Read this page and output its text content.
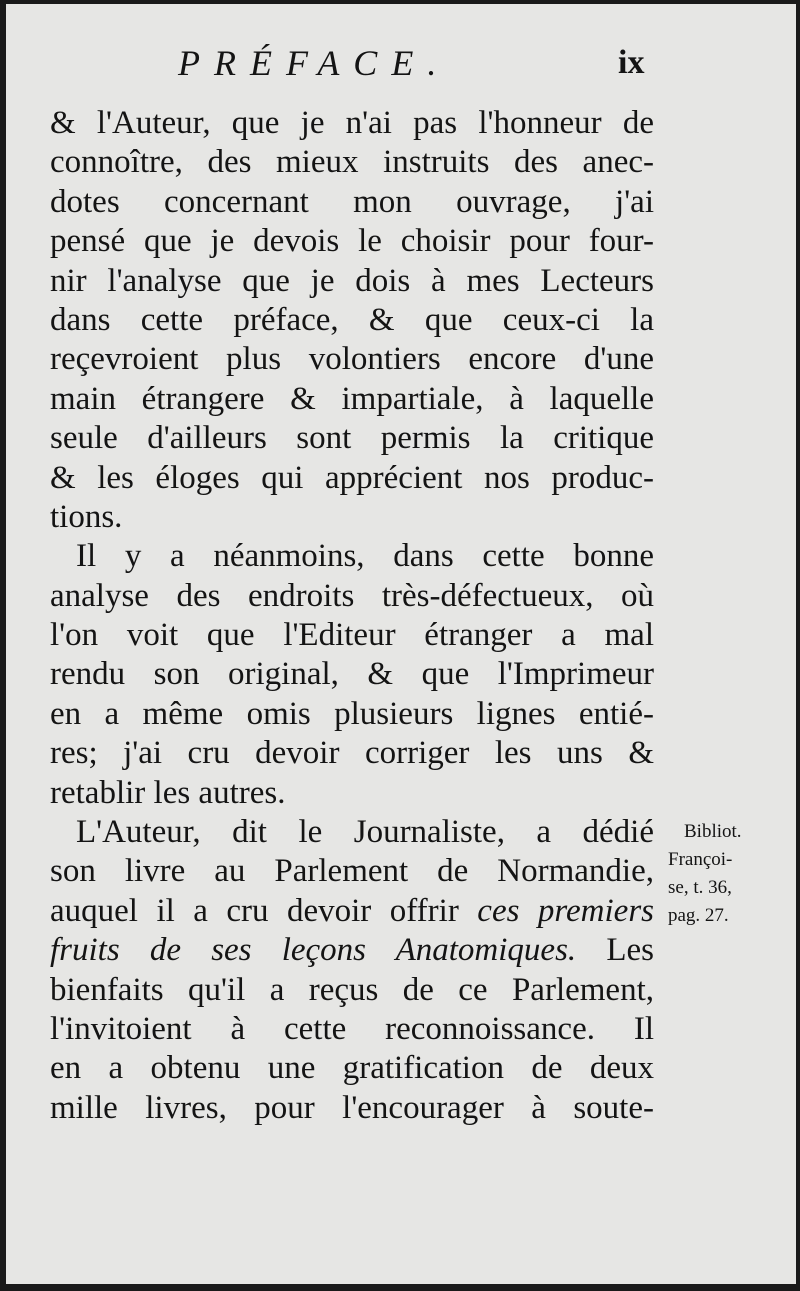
PRÉFACE.	ix
& l'Auteur, que je n'ai pas l'honneur de
connoître, des mieux instruits des anec-
dotes concernant mon ouvrage, j'ai
pensé que je devois le choisir pour four-
nir l'analyse que je dois à mes Lecteurs
dans cette préface, & que ceux-ci la
reçevroient plus volontiers encore d'une
main étrangere & impartiale, à laquelle
seule d'ailleurs sont permis la critique
& les éloges qui apprécient nos produc-
tions.
Il y a néanmoins, dans cette bonne
analyse des endroits très-défectueux, où
l'on voit que l'Editeur étranger a mal
rendu son original, & que l'Imprimeur
en a même omis plusieurs lignes entié-
res; j'ai cru devoir corriger les uns &
retablir les autres.
L'Auteur, dit le Journaliste, a dédié
son livre au Parlement de Normandie,
auquel il a cru devoir offrir ces premiers
fruits de ses leçons Anatomiques. Les
bienfaits qu'il a reçus de ce Parlement,
l'invitoient à cette reconnoissance. Il
en a obtenu une gratification de deux
mille livres, pour l'encourager à soute-
Bibliot.
Françoi-
se, t. 36,
pag. 27.
